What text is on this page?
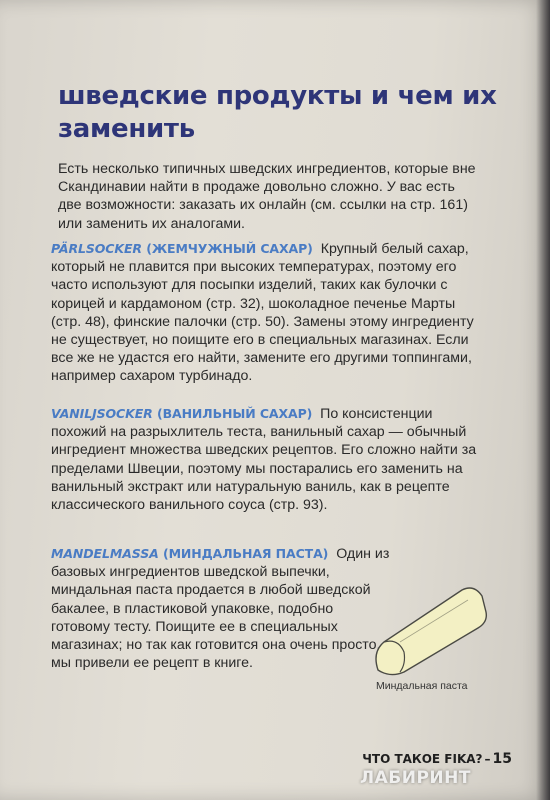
шведские продукты и чем их заменить
Есть несколько типичных шведских ингредиентов, которые вне Скандинавии найти в продаже довольно сложно. У вас есть две возможности: заказать их онлайн (см. ссылки на стр. 161) или заменить их аналогами.
PÄRLSOCKER (ЖЕМЧУЖНЫЙ САХАР) Крупный белый сахар, который не плавится при высоких температурах, поэтому его часто используют для посыпки изделий, таких как булочки с корицей и кардамоном (стр. 32), шоколадное печенье Марты (стр. 48), финские палочки (стр. 50). Замены этому ингредиенту не существует, но поищите его в специальных магазинах. Если все же не удастся его найти, замените его другими топпингами, например сахаром турбинадо.
VANILJSOCKER (ВАНИЛЬНЫЙ САХАР) По консистенции похожий на разрыхлитель теста, ванильный сахар — обычный ингредиент множества шведских рецептов. Его сложно найти за пределами Швеции, поэтому мы постарались его заменить на ванильный экстракт или натуральную ваниль, как в рецепте классического ванильного соуса (стр. 93).
MANDELMASSA (МИНДАЛЬНАЯ ПАСТА) Один из базовых ингредиентов шведской выпечки, миндальная паста продается в любой шведской бакалее, в пластиковой упаковке, подобно готовому тесту. Поищите ее в специальных магазинах; но так как готовится она очень просто, мы привели ее рецепт в книге.
Миндальная паста
ЧТО ТАКОЕ FIKA? – 15
ЛАБИРИНТ
